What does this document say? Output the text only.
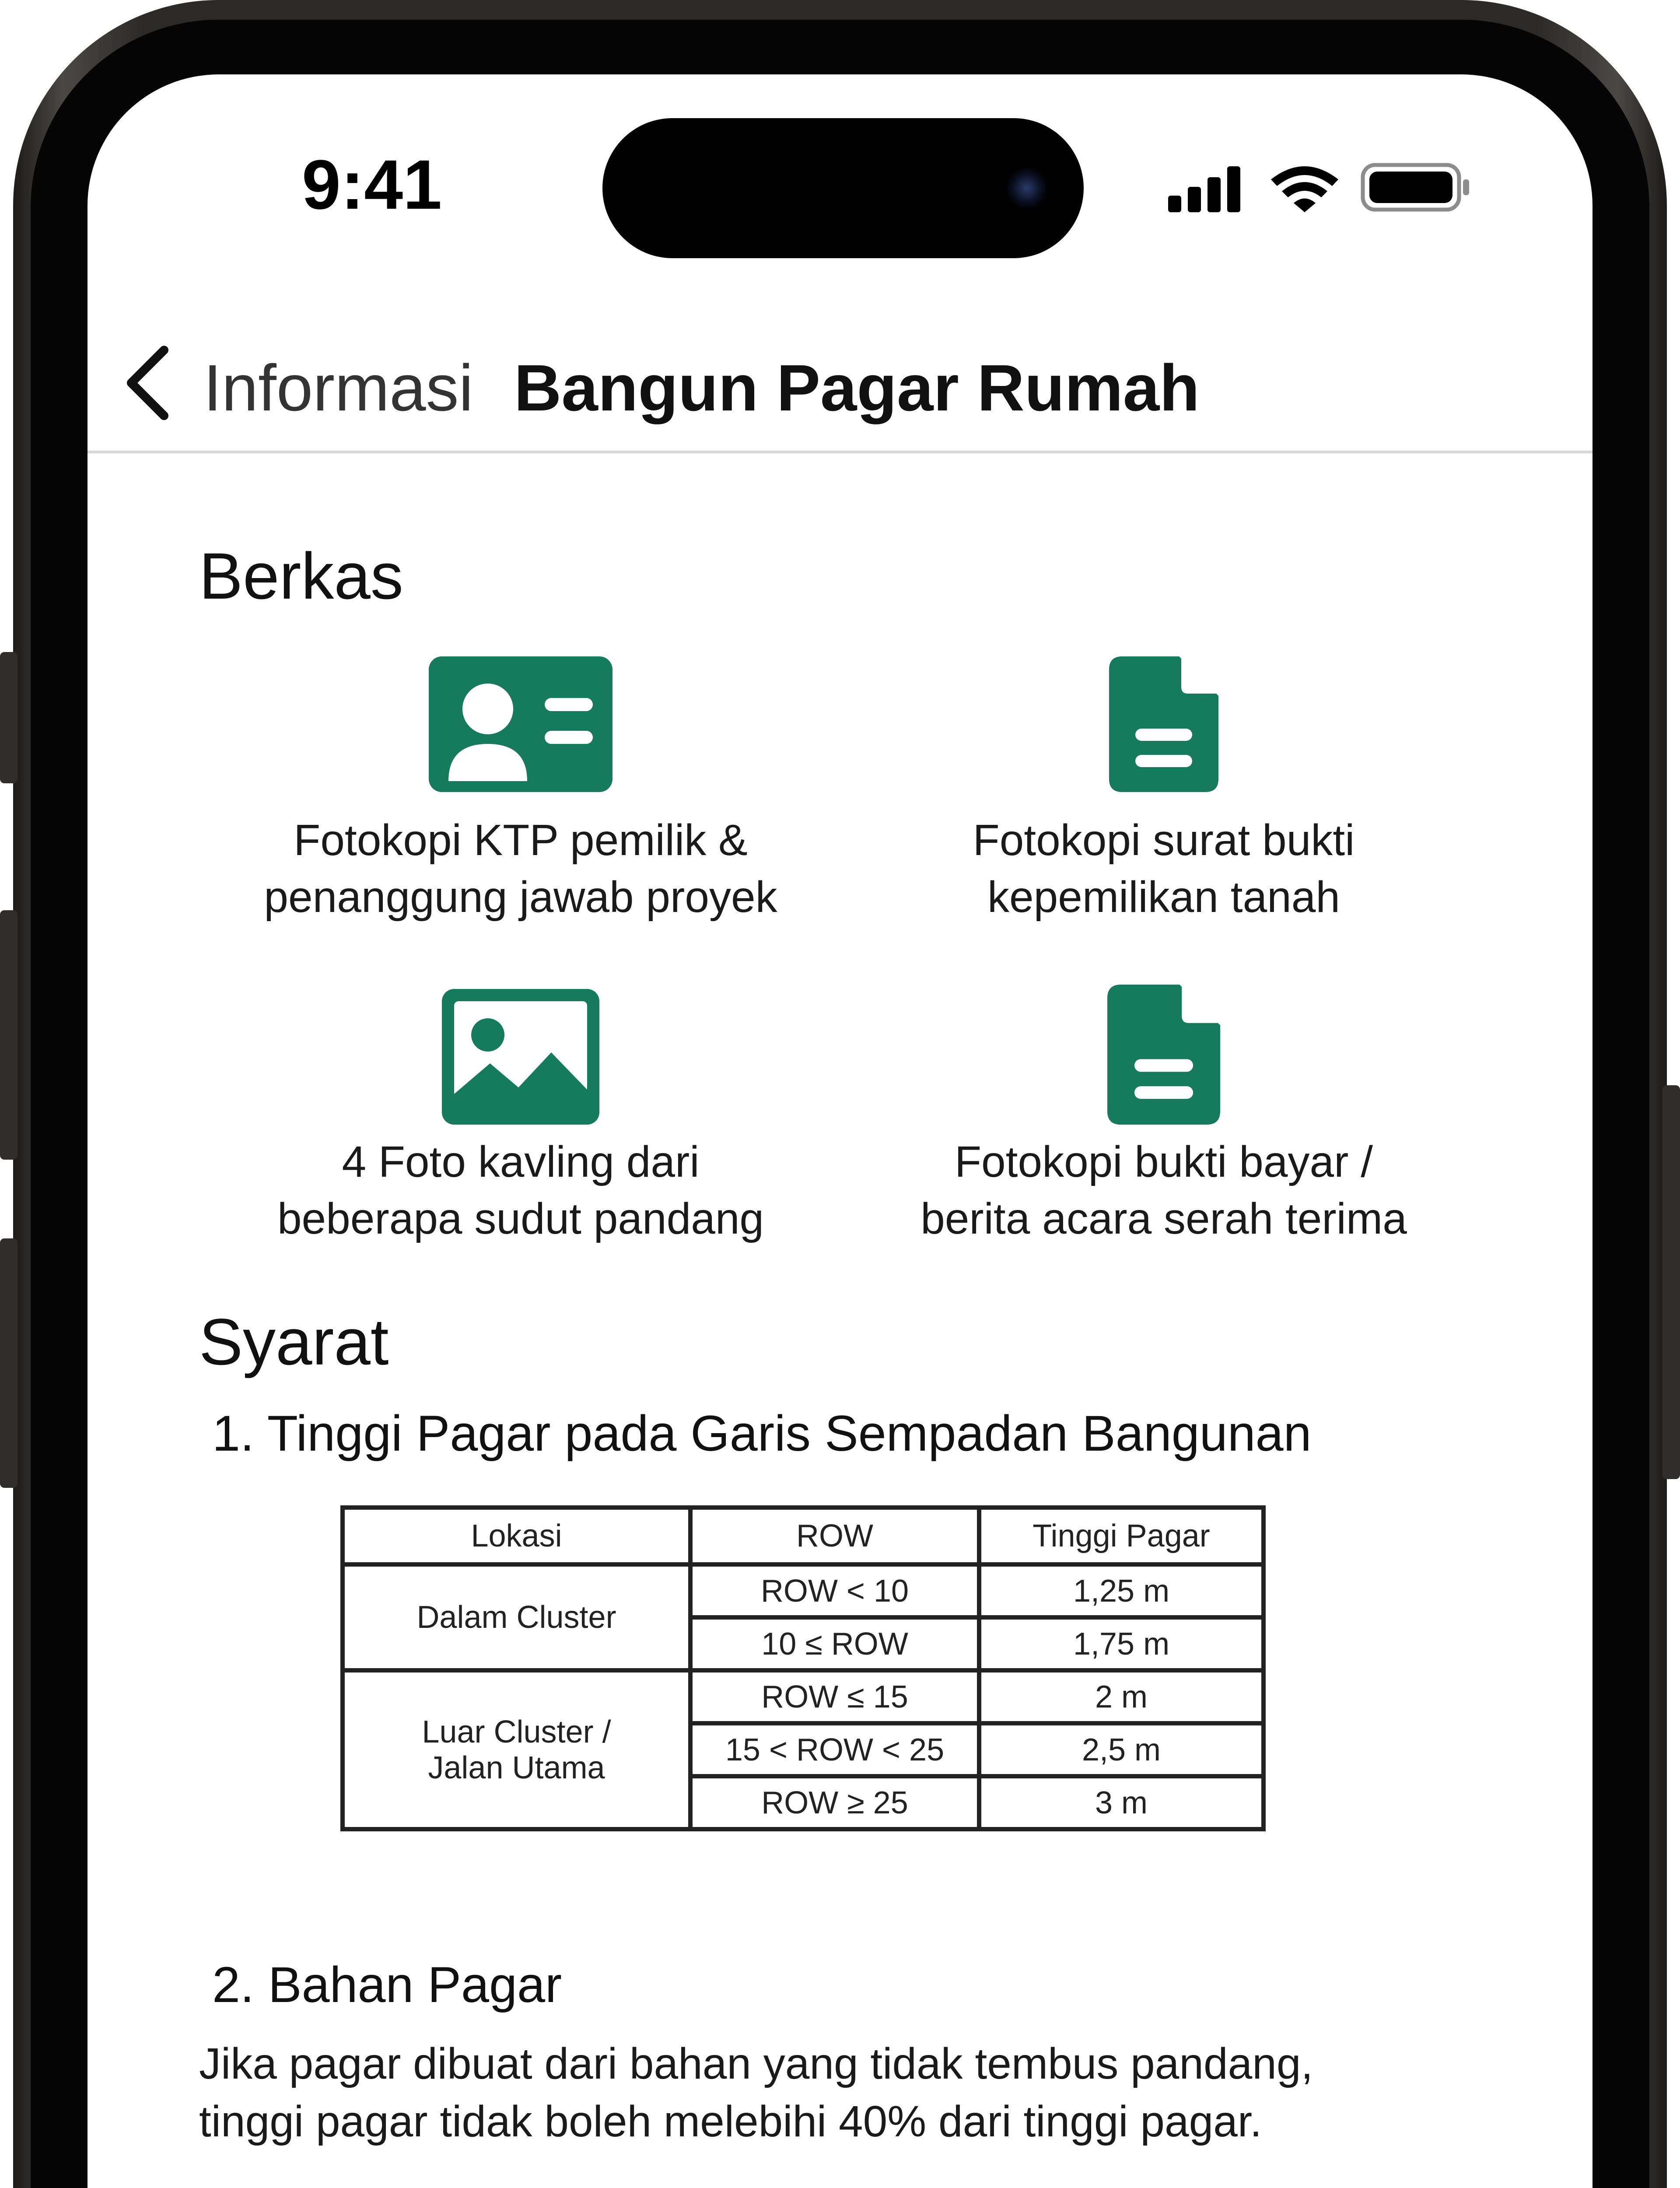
9:41
Informasi Bangun Pagar Rumah
Berkas
Fotokopi KTP pemilik &
penanggung jawab proyek
Fotokopi surat bukti
kepemilikan tanah
4 Foto kavling dari
beberapa sudut pandang
Fotokopi bukti bayar /
berita acara serah terima
Syarat
1. Tinggi Pagar pada Garis Sempadan Bangunan
Lokasi	ROW	Tinggi Pagar
Dalam Cluster	ROW < 10	1,25 m
	10 ≤ ROW	1,75 m

Luar Cluster /
Jalan Utama	ROW ≤ 15	2 m
	15 < ROW < 25	2,5 m
	ROW ≥ 25	3 m
2. Bahan Pagar
Jika pagar dibuat dari bahan yang tidak tembus pandang,
tinggi pagar tidak boleh melebihi 40% dari tinggi pagar.
